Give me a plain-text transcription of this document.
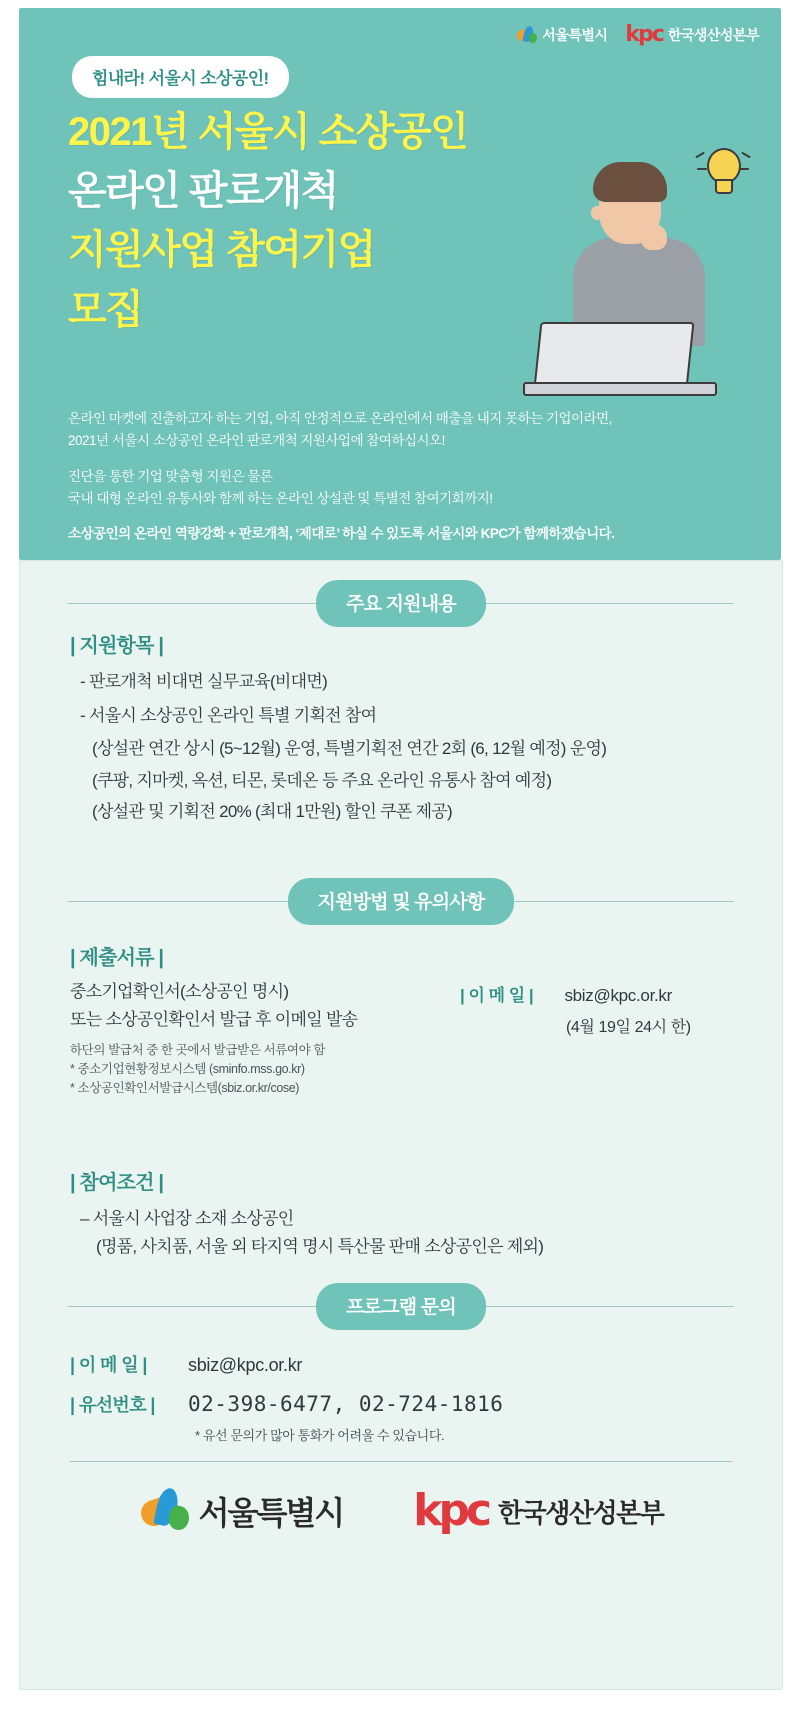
서울특별시 kpc 한국생산성본부
힘내라! 서울시 소상공인!
2021년 서울시 소상공인
온라인 판로개척
지원사업 참여기업
모집
온라인 마켓에 진출하고자 하는 기업, 아직 안정적으로 온라인에서 매출을 내지 못하는 기업이라면,
2021년 서울시 소상공인 온라인 판로개척 지원사업에 참여하십시오!
진단을 통한 기업 맞춤형 지원은 물론
국내 대형 온라인 유통사와 함께 하는 온라인 상설관 및 특별전 참여기회까지!
소상공인의 온라인 역량강화 + 판로개척, ‘제대로’ 하실 수 있도록 서울시와 KPC가 함께하겠습니다.
주요 지원내용
| 지원항목 |
- 판로개척 비대면 실무교육(비대면)
- 서울시 소상공인 온라인 특별 기획전 참여
(상설관 연간 상시 (5~12월) 운영, 특별기획전 연간 2회 (6, 12월 예정) 운영)
(쿠팡, 지마켓, 옥션, 티몬, 롯데온 등 주요 온라인 유통사 참여 예정)
(상설관 및 기획전 20% (최대 1만원) 할인 쿠폰 제공)
지원방법 및 유의사항
| 제출서류 |
중소기업확인서(소상공인 명시)
또는 소상공인확인서 발급 후 이메일 발송
하단의 발급처 중 한 곳에서 발급받은 서류여야 함
* 중소기업현황정보시스템 (sminfo.mss.go.kr)
* 소상공인확인서발급시스템(sbiz.or.kr/cose)
| 이 메 일 | sbiz@kpc.or.kr
(4월 19일 24시 한)
| 참여조건 |
– 서울시 사업장 소재 소상공인
(명품, 사치품, 서울 외 타지역 명시 특산물 판매 소상공인은 제외)
프로그램 문의
| 이 메 일 |	sbiz@kpc.or.kr
| 유선번호 |	02-398-6477, 02-724-1816
* 유선 문의가 많아 통화가 어려울 수 있습니다.
서울특별시 kpc 한국생산성본부
